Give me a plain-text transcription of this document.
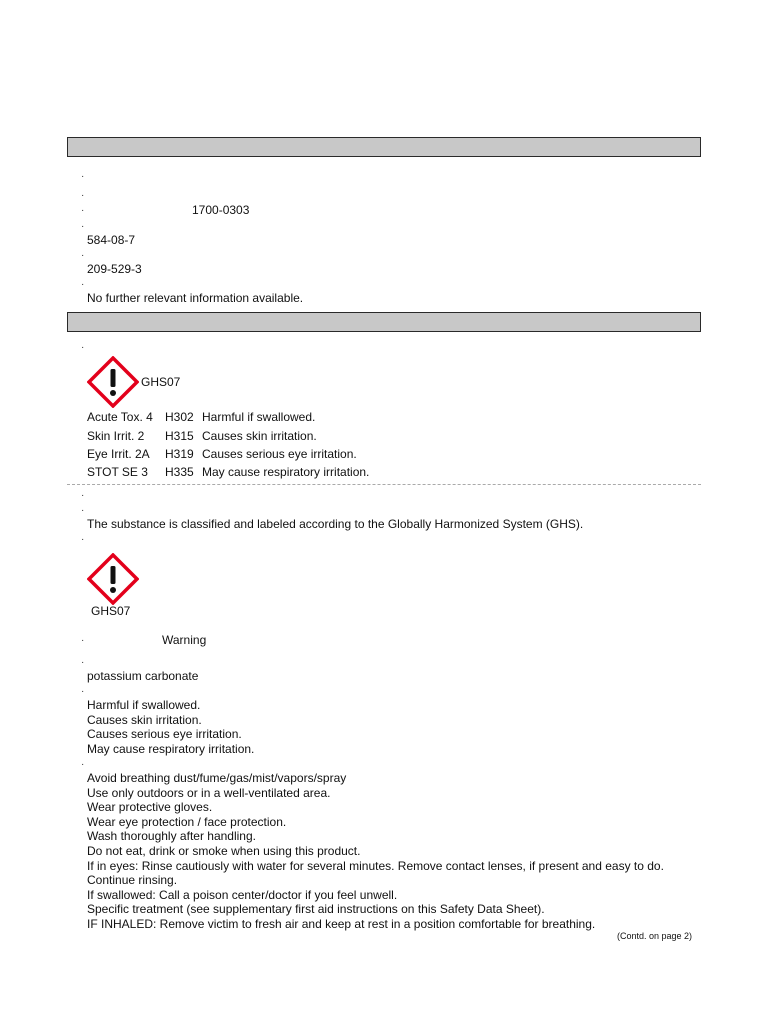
·
·
·	1700-0303
·
584-08-7
·
209-529-3
·
No further relevant information available.
·
GHS07
Acute Tox. 4 H302 Harmful if swallowed.
Skin Irrit. 2 H315 Causes skin irritation.
Eye Irrit. 2A H319 Causes serious eye irritation.
STOT SE 3 H335 May cause respiratory irritation.
·
·
The substance is classified and labeled according to the Globally Harmonized System (GHS).
·
GHS07
·	Warning
·
potassium carbonate
·
Harmful if swallowed.
Causes skin irritation.
Causes serious eye irritation.
May cause respiratory irritation.
·
Avoid breathing dust/fume/gas/mist/vapors/spray
Use only outdoors or in a well-ventilated area.
Wear protective gloves.
Wear eye protection / face protection.
Wash thoroughly after handling.
Do not eat, drink or smoke when using this product.
If in eyes: Rinse cautiously with water for several minutes. Remove contact lenses, if present and easy to do.
Continue rinsing.
If swallowed: Call a poison center/doctor if you feel unwell.
Specific treatment (see supplementary first aid instructions on this Safety Data Sheet).
IF INHALED: Remove victim to fresh air and keep at rest in a position comfortable for breathing.
(Contd. on page 2)
